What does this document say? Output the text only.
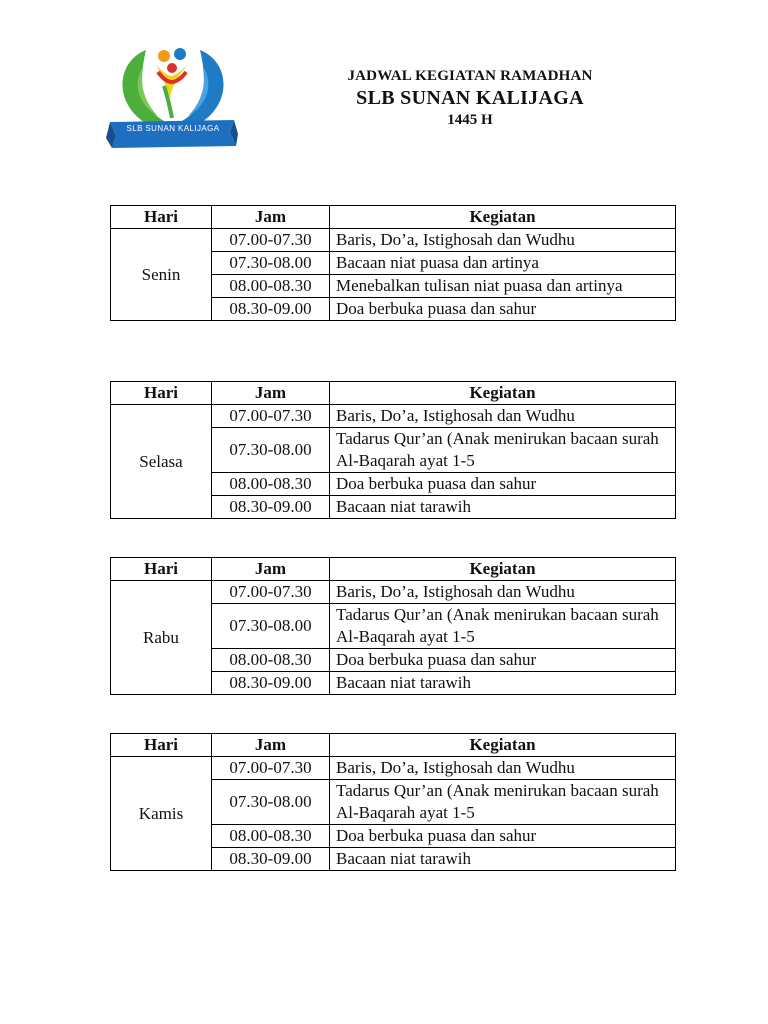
SLB SUNAN KALIJAGA
JADWAL KEGIATAN RAMADHAN
SLB SUNAN KALIJAGA
1445 H
Hari	Jam	Kegiatan
Senin	07.00-07.30	Baris, Do’a, Istighosah dan Wudhu
	07.30-08.00	Bacaan niat puasa dan artinya
	08.00-08.30	Menebalkan tulisan niat puasa dan artinya
	08.30-09.00	Doa berbuka puasa dan sahur
Hari	Jam	Kegiatan
Selasa	07.00-07.30	Baris, Do’a, Istighosah dan Wudhu
	07.30-08.00	Tadarus Qur’an (Anak menirukan bacaan surah Al-Baqarah ayat 1-5
	08.00-08.30	Doa berbuka puasa dan sahur
	08.30-09.00	Bacaan niat tarawih
Hari	Jam	Kegiatan
Rabu	07.00-07.30	Baris, Do’a, Istighosah dan Wudhu
	07.30-08.00	Tadarus Qur’an (Anak menirukan bacaan surah Al-Baqarah ayat 1-5
	08.00-08.30	Doa berbuka puasa dan sahur
	08.30-09.00	Bacaan niat tarawih
Hari	Jam	Kegiatan
Kamis	07.00-07.30	Baris, Do’a, Istighosah dan Wudhu
	07.30-08.00	Tadarus Qur’an (Anak menirukan bacaan surah Al-Baqarah ayat 1-5
	08.00-08.30	Doa berbuka puasa dan sahur
	08.30-09.00	Bacaan niat tarawih
